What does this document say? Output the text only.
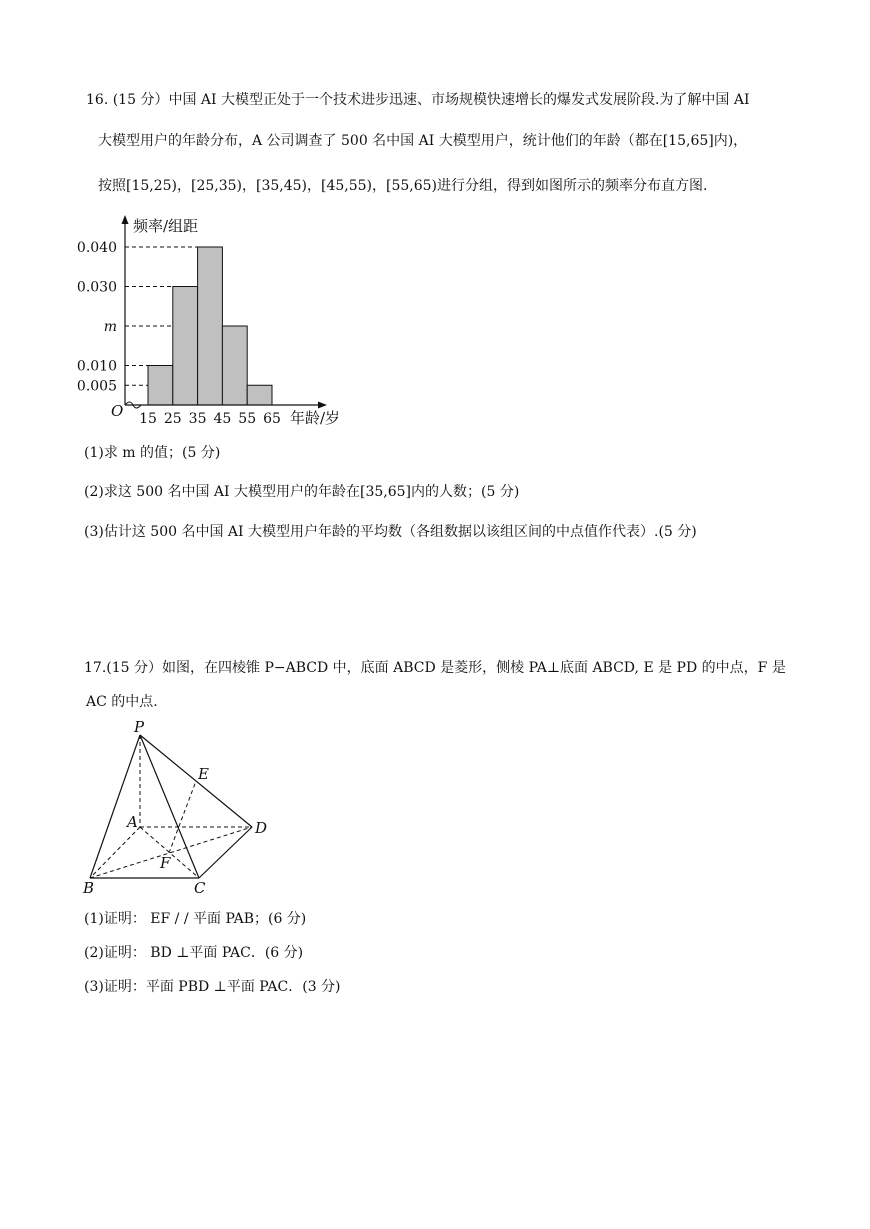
16. (15 分）中国 AI 大模型正处于一个技术进步迅速、市场规模快速增长的爆发式发展阶段.为了解中国 AI
大模型用户的年龄分布，A 公司调查了 500 名中国 AI 大模型用户，统计他们的年龄（都在[15,65]内)，
按照[15,25)，[25,35)，[35,45)，[45,55)，[55,65)进行分组，得到如图所示的频率分布直方图.
0.040
0.030
m
0.010
0.005
频率/组距
年龄/岁
O 15 25 35 45 55 65
(1)求 m 的值；(5 分)
(2)求这 500 名中国 AI 大模型用户的年龄在[35,65]内的人数；(5 分)
(3)估计这 500 名中国 AI 大模型用户年龄的平均数（各组数据以该组区间的中点值作代表）.(5 分)
17.(15 分）如图，在四棱锥 P−ABCD 中，底面 ABCD 是菱形，侧棱 PA⊥底面 ABCD, E 是 PD 的中点，F 是
AC 的中点.
P
E
A	D
F
B	C
(1)证明： EF / / 平面 PAB；(6 分)
(2)证明： BD ⊥平面 PAC．(6 分)
(3)证明：平面 PBD ⊥平面 PAC．(3 分)
